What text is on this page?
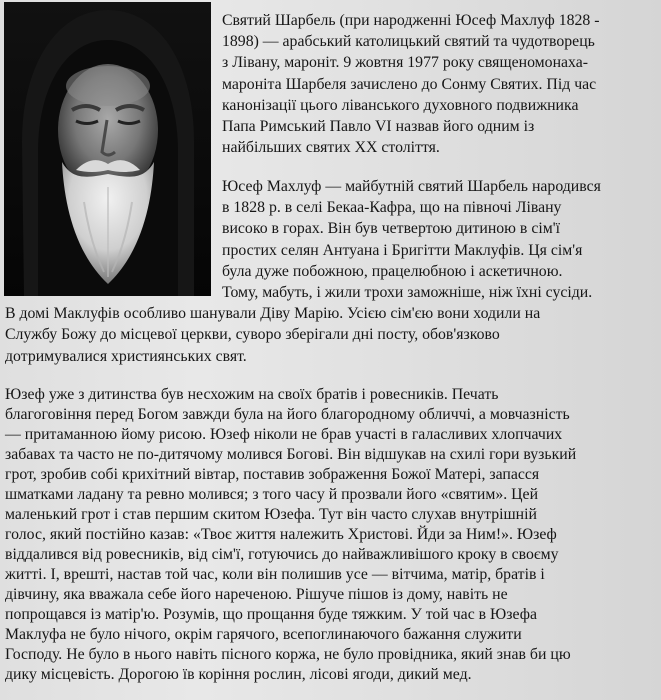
Святий Шарбель (при народженні Юсеф Махлуф 1828 -
1898) — арабський католицький святий та чудотворець
з Лівану, мароніт. 9 жовтня 1977 року священомонаха-
мароніта Шарбеля зачислено до Сонму Святих. Під час
канонізації цього ліванського духовного подвижника
Папа Римський Павло VI назвав його одним із
найбільших святих XX століття.
Юсеф Махлуф — майбутній святий Шарбель народився
в 1828 р. в селі Бекаа-Кафра, що на півночі Лівану
високо в горах. Він був четвертою дитиною в сім'ї
простих селян Антуана і Бригітти Маклуфів. Ця сім'я
була дуже побожною, працелюбною і аскетичною.
Тому, мабуть, і жили трохи заможніше, ніж їхні сусіди.
В домі Маклуфів особливо шанували Діву Марію. Усією сім'єю вони ходили на
Службу Божу до місцевої церкви, суворо зберігали дні посту, обов'язково
дотримувалися християнських свят.
Юзеф уже з дитинства був несхожим на своїх братів і ровесників. Печать
благоговіння перед Богом завжди була на його благородному обличчі, а мовчазність
— притаманною йому рисою. Юзеф ніколи не брав участі в галасливих хлопчачих
забавах та часто не по-дитячому молився Богові. Він відшукав на схилі гори вузький
грот, зробив собі крихітний вівтар, поставив зображення Божої Матері, запасся
шматками ладану та ревно молився; з того часу й прозвали його «святим». Цей
маленький грот і став першим скитом Юзефа. Тут він часто слухав внутрішній
голос, який постійно казав: «Твоє життя належить Христові. Йди за Ним!». Юзеф
віддалився від ровесників, від сім'ї, готуючись до найважливішого кроку в своєму
житті. І, врешті, настав той час, коли він полишив усе — вітчима, матір, братів і
дівчину, яка вважала себе його нареченою. Рішуче пішов із дому, навіть не
попрощався із матір'ю. Розумів, що прощання буде тяжким. У той час в Юзефа
Маклуфа не було нічого, окрім гарячого, всепоглинаючого бажання служити
Господу. Не було в нього навіть пісного коржа, не було провідника, який знав би цю
дику місцевість. Дорогою їв коріння рослин, лісові ягоди, дикий мед.
